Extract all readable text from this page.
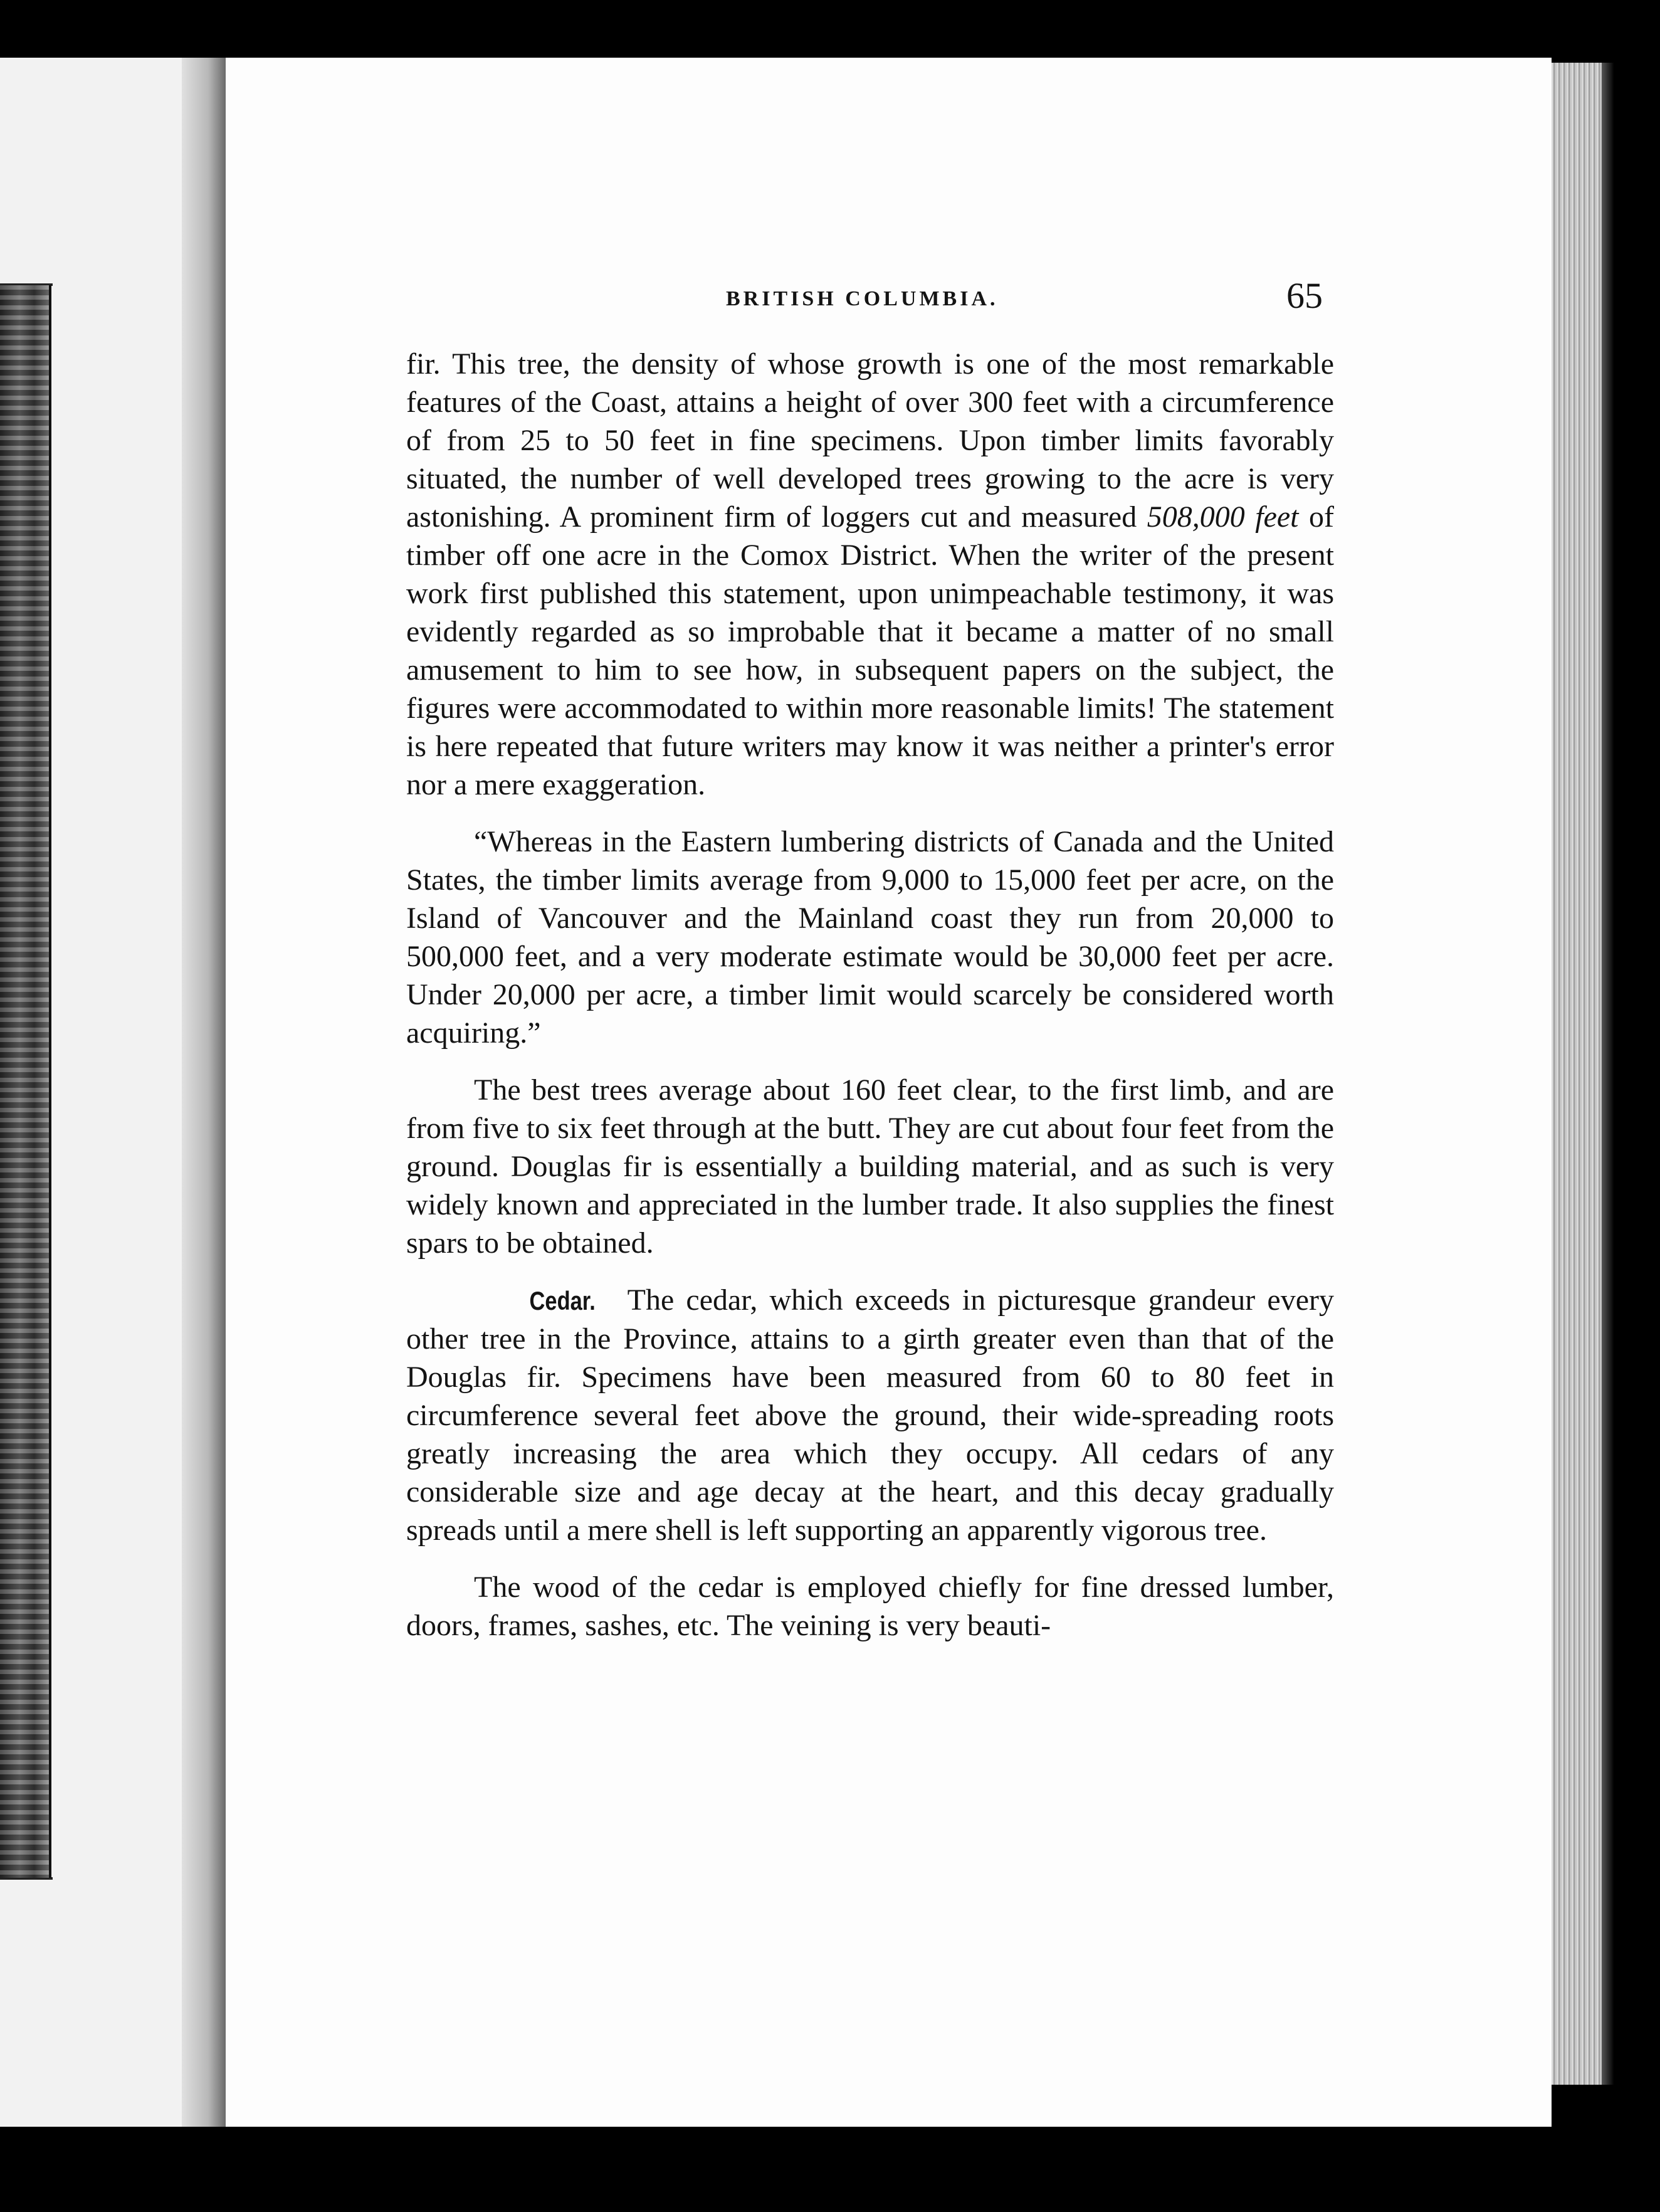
BRITISH COLUMBIA.	65

fir. This tree, the density of whose growth is one of the most remarkable features of the Coast, attains a height of over 300 feet with a circumference of from 25 to 50 feet in fine specimens. Upon timber limits favorably situated, the number of well developed trees growing to the acre is very astonishing. A prominent firm of loggers cut and measured 508,000 feet of timber off one acre in the Comox District. When the writer of the present work first published this statement, upon unimpeachable testimony, it was evidently regarded as so improbable that it became a matter of no small amusement to him to see how, in subsequent papers on the subject, the figures were accommodated to within more reasonable limits! The statement is here repeated that future writers may know it was neither a printer's error nor a mere exaggeration.

“Whereas in the Eastern lumbering districts of Canada and the United States, the timber limits average from 9,000 to 15,000 feet per acre, on the Island of Vancouver and the Mainland coast they run from 20,000 to 500,000 feet, and a very moderate estimate would be 30,000 feet per acre. Under 20,000 per acre, a timber limit would scarcely be considered worth acquiring.”

The best trees average about 160 feet clear, to the first limb, and are from five to six feet through at the butt. They are cut about four feet from the ground. Douglas fir is essentially a building material, and as such is very widely known and appreciated in the lumber trade. It also supplies the finest spars to be obtained.

Cedar. The cedar, which exceeds in picturesque grandeur every other tree in the Province, attains to a girth greater even than that of the Douglas fir. Specimens have been measured from 60 to 80 feet in circumference several feet above the ground, their wide-spreading roots greatly increasing the area which they occupy. All cedars of any considerable size and age decay at the heart, and this decay gradually spreads until a mere shell is left supporting an apparently vigorous tree.

The wood of the cedar is employed chiefly for fine dressed lumber, doors, frames, sashes, etc. The veining is very beauti-
